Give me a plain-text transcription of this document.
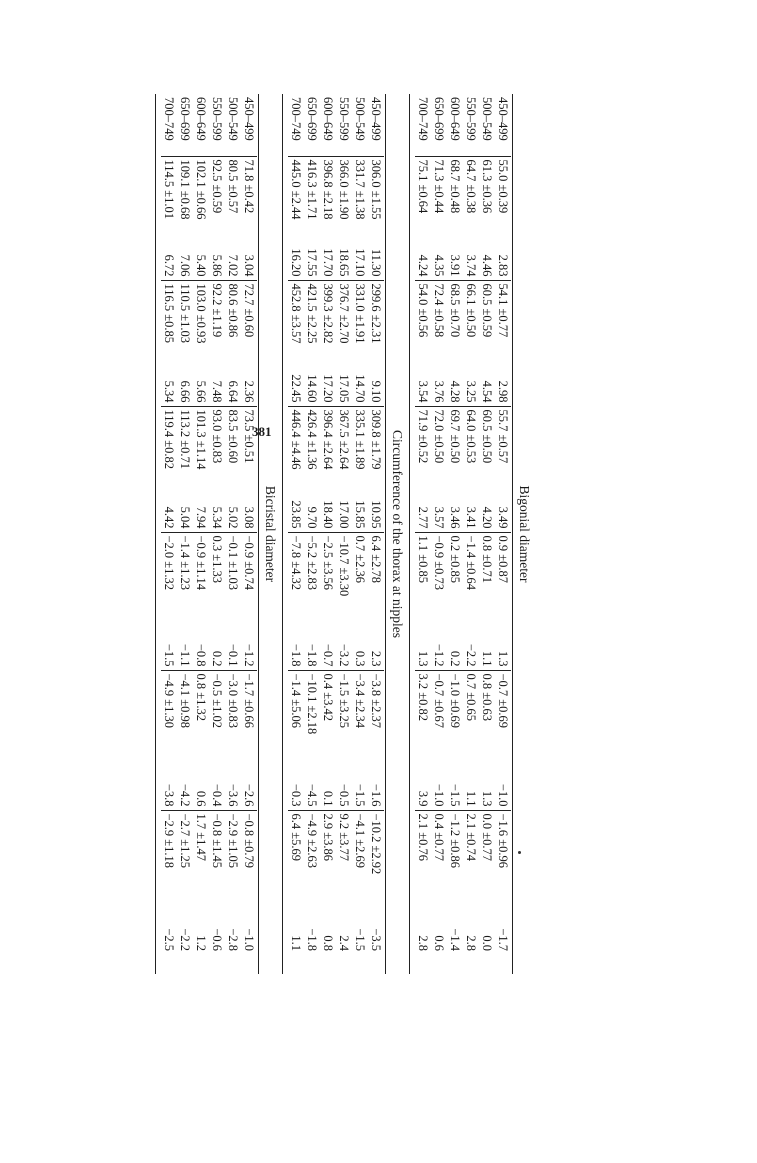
Bigonial diameter
450–499	55.0 ±0.39	2.83	54.1 ±0.77	2.98	55.7 ±0.57	3.49	0.9 ±0.87	1.3	−0.7 ±0.69	−1.0	−1.6 ±0.96	−1.7
500–549	61.3 ±0.36	4.46	60.5 ±0.59	4.54	60.5 ±0.50	4.20	0.8 ±0.71	1.1	0.8 ±0.63	1.3	0.0 ±0.77	0.0
550–599	64.7 ±0.38	3.74	66.1 ±0.50	3.25	64.0 ±0.53	3.41	−1.4 ±0.64	−2.2	0.7 ±0.65	1.1	2.1 ±0.74	2.8
600–649	68.7 ±0.48	3.91	68.5 ±0.70	4.28	69.7 ±0.50	3.46	0.2 ±0.85	0.2	−1.0 ±0.69	−1.5	−1.2 ±0.86	−1.4
650–699	71.3 ±0.44	4.35	72.4 ±0.58	3.76	72.0 ±0.50	3.57	−0.9 ±0.73	−1.2	−0.7 ±0.67	−1.0	0.4 ±0.77	0.6
700–749	75.1 ±0.64	4.24	54.0 ±0.56	3.54	71.9 ±0.52	2.77	1.1 ±0.85	1.3	3.2 ±0.82	3.9	2.1 ±0.76	2.8
Circumference of the thorax at nipples
450–499	306.0 ±1.55	11.30	299.6 ±2.31	9.10	309.8 ±1.79	10.95	6.4 ±2.78	2.3	−3.8 ±2.37	−1.6	−10.2 ±2.92	−3.5
500–549	331.7 ±1.38	17.10	331.0 ±1.91	14.70	335.1 ±1.89	15.85	0.7 ±2.36	0.3	−3.4 ±2.34	−1.5	−4.1 ±2.69	−1.5
550–599	366.0 ±1.90	18.65	376.7 ±2.70	17.05	367.5 ±2.64	17.00	−10.7 ±3.30	−3.2	−1.5 ±3.25	−0.5	9.2 ±3.77	2.4
600–649	396.8 ±2.18	17.70	399.3 ±2.82	17.20	396.4 ±2.64	18.40	−2.5 ±3.56	−0.7	0.4 ±3.42	0.1	2.9 ±3.86	0.8
650–699	416.3 ±1.71	17.55	421.5 ±2.25	14.60	426.4 ±1.36	9.70	−5.2 ±2.83	−1.8	−10.1 ±2.18	−4.5	−4.9 ±2.63	−1.8
700–749	445.0 ±2.44	16.20	452.8 ±3.57	22.45	446.4 ±4.46	23.85	−7.8 ±4.32	−1.8	−1.4 ±5.06	−0.3	6.4 ±5.69	1.1
Bicristal diameter
450–499	71.8 ±0.42	3.04	72.7 ±0.60	2.36	73.5 ±0.51	3.08	−0.9 ±0.74	−1.2	−1.7 ±0.66	−2.6	−0.8 ±0.79	−1.0
500–549	80.5 ±0.57	7.02	80.6 ±0.86	6.64	83.5 ±0.60	5.02	−0.1 ±1.03	−0.1	−3.0 ±0.83	−3.6	−2.9 ±1.05	−2.8
550–599	92.5 ±0.59	5.86	92.2 ±1.19	7.48	93.0 ±0.83	5.34	0.3 ±1.33	0.2	−0.5 ±1.02	−0.4	−0.8 ±1.45	−0.6
600–649	102.1 ±0.66	5.40	103.0 ±0.93	5.66	101.3 ±1.14	7.94	−0.9 ±1.14	−0.8	0.8 ±1.32	0.6	1.7 ±1.47	1.2
650–699	109.1 ±0.68	7.06	110.5 ±1.03	6.66	113.2 ±0.71	5.04	−1.4 ±1.23	−1.1	−4.1 ±0.98	−4.2	−2.7 ±1.25	−2.2
700–749	114.5 ±1.01	6.72	116.5 ±0.85	5.34	119.4 ±0.82	4.42	−2.0 ±1.32	−1.5	−4.9 ±1.30	−3.8	−2.9 ±1.18	−2.5
381
